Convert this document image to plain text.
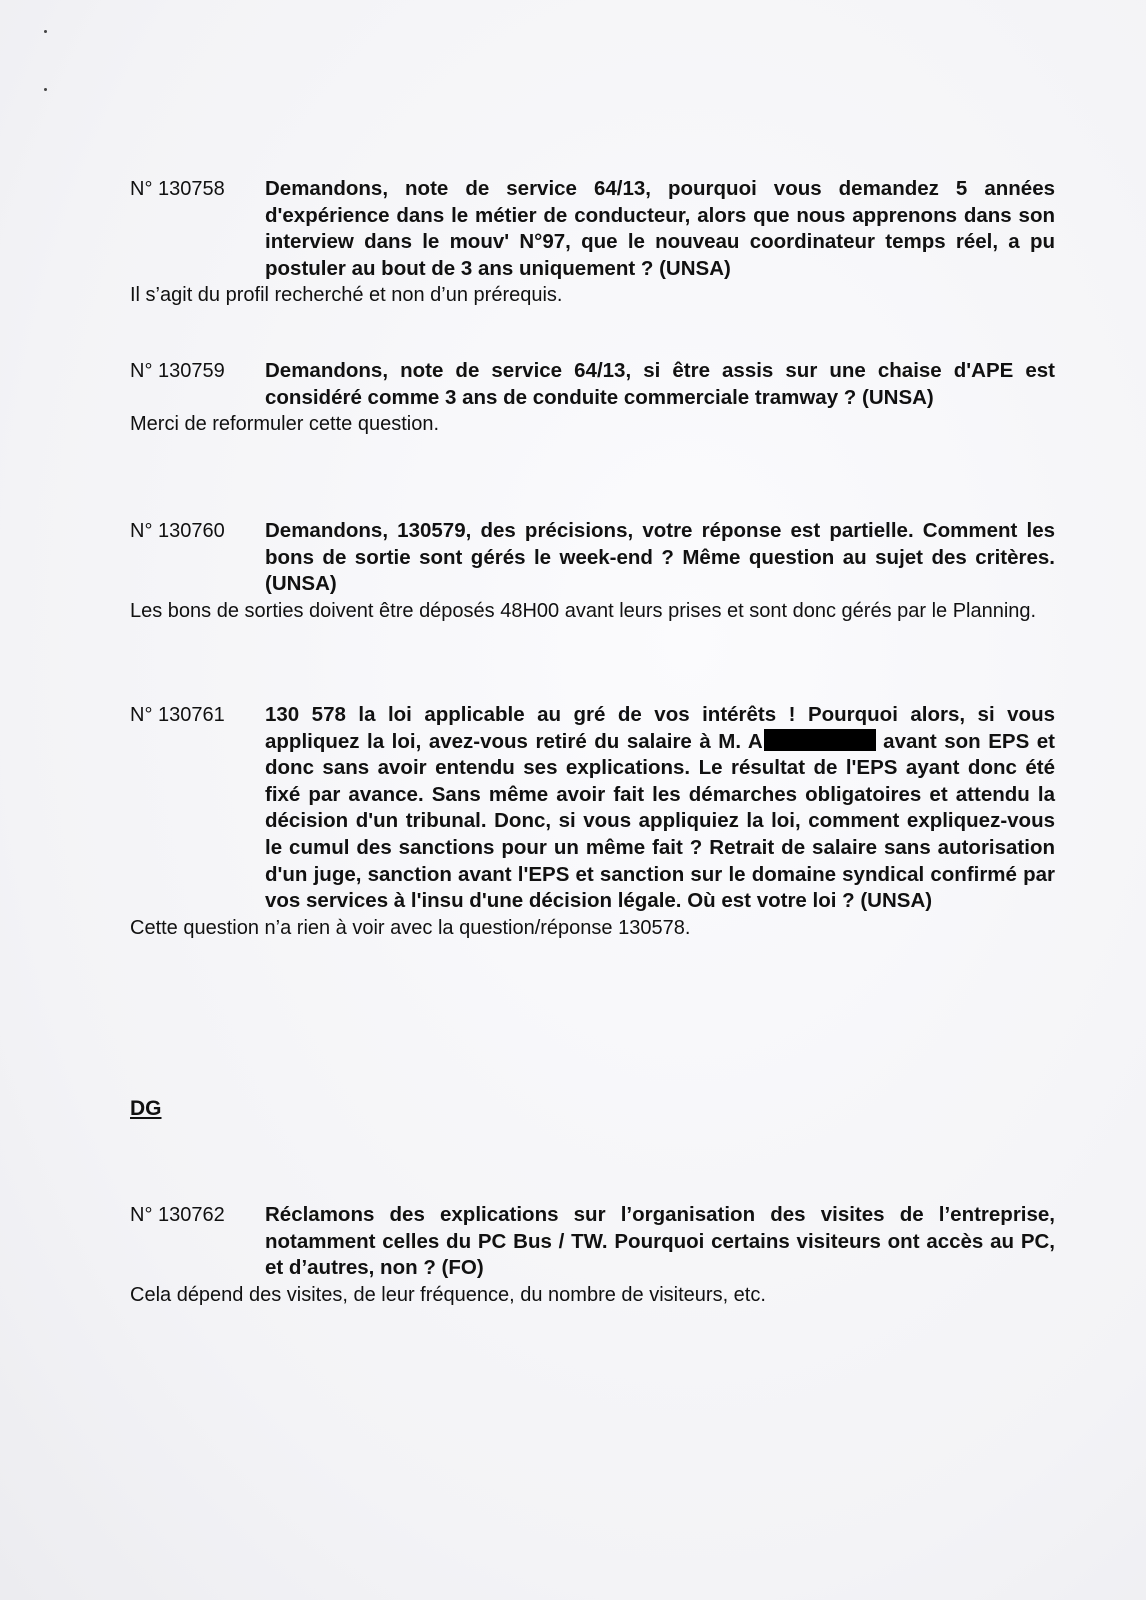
N° 130758 Demandons, note de service 64/13, pourquoi vous demandez 5 années d'expérience dans le métier de conducteur, alors que nous apprenons dans son interview dans le mouv' N°97, que le nouveau coordinateur temps réel, a pu postuler au bout de 3 ans uniquement ? (UNSA)
Il s’agit du profil recherché et non d’un prérequis.
N° 130759 Demandons, note de service 64/13, si être assis sur une chaise d'APE est considéré comme 3 ans de conduite commerciale tramway ? (UNSA)
Merci de reformuler cette question.
N° 130760 Demandons, 130579, des précisions, votre réponse est partielle. Comment les bons de sortie sont gérés le week-end ? Même question au sujet des critères. (UNSA)
Les bons de sorties doivent être déposés 48H00 avant leurs prises et sont donc gérés par le Planning.
N° 130761 130 578 la loi applicable au gré de vos intérêts ! Pourquoi alors, si vous appliquez la loi, avez-vous retiré du salaire à M. A	avant son EPS et donc sans avoir entendu ses explications. Le résultat de l'EPS ayant donc été fixé par avance. Sans même avoir fait les démarches obligatoires et attendu la décision d'un tribunal. Donc, si vous appliquiez la loi, comment expliquez-vous le cumul des sanctions pour un même fait ? Retrait de salaire sans autorisation d'un juge, sanction avant l'EPS et sanction sur le domaine syndical confirmé par vos services à l'insu d'une décision légale. Où est votre loi ? (UNSA)
Cette question n’a rien à voir avec la question/réponse 130578.
DG
N° 130762 Réclamons des explications sur l’organisation des visites de l’entreprise, notamment celles du PC Bus / TW. Pourquoi certains visiteurs ont accès au PC, et d’autres, non ? (FO)
Cela dépend des visites, de leur fréquence, du nombre de visiteurs, etc.
